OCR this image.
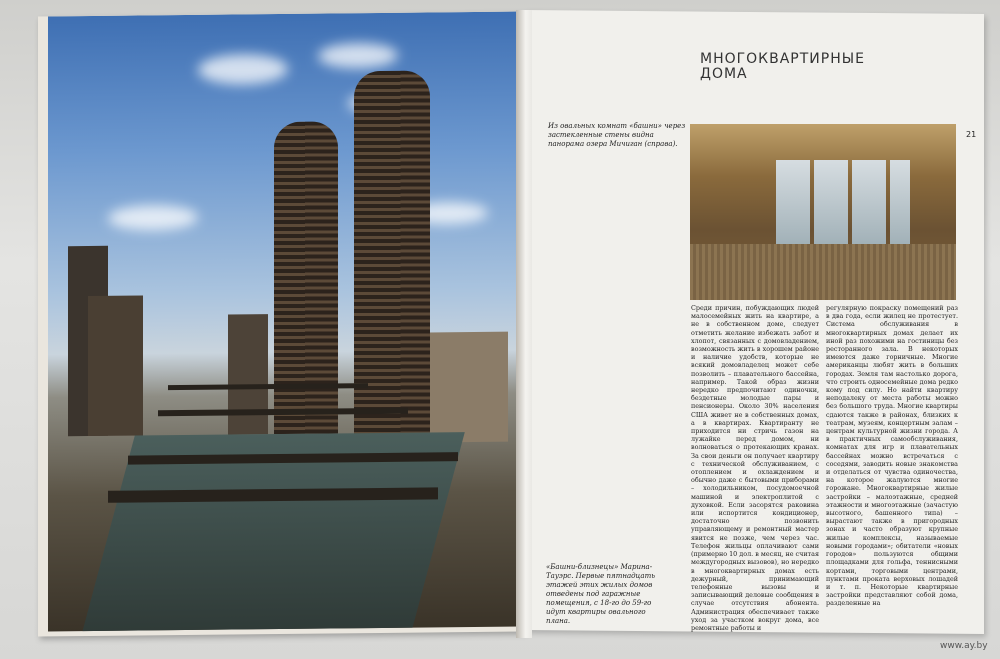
МНОГОКВАРТИРНЫЕ ДОМА
Из овальных комнат «башни» через застекленные стены видна панорама озера Мичиган (справа).
21
Среди причин, побуждающих людей малосемейных жить на квартире, а не в собственном доме, следует отметить желание избежать забот и хлопот, связанных с домовладением, возможность жить в хорошем районе и наличие удобств, которые не всякий домовладелец может себе позволить – плавательного бассейна, например. Такой образ жизни нередко предпочитают одиночки, бездетные молодые пары и пенсионеры. Около 30% населения США живет не в собственных домах, а в квартирах. Квартиранту не приходится ни стричь газон на лужайке перед домом, ни волноваться о протекающих кранах. За свои деньги он получает квартиру с технической обслуживанием, с отоплением и охлаждением и обычно даже с бытовыми приборами – холодильником, посудомоечной машиной и электроплитой с духовкой. Если засорятся раковина или испортится кондиционер, достаточно позвонить управляющему и ремонтный мастер явится не позже, чем через час. Телефон жильцы оплачивают сами (примерно 10 дол. в месяц, не считая междугородных вызовов), но нередко в многоквартирных домах есть дежурный, принимающий телефонные вызовы и записывающий деловые сообщения в случае отсутствия абонента. Администрация обеспечивает также уход за участком вокруг дома, все ремонтные работы и
регулярную покраску помещений раз в два года, если жилец не протестует. Система обслуживания в многоквартирных домах делает их иной раз похожими на гостиницы без ресторанного зала. В некоторых имеются даже горничные. Многие американцы любят жить в больших городах. Земля там настолько дорога, что строить односемейные дома редко кому под силу. Но найти квартиру неподалеку от места работы можно без большого труда. Многие квартиры сдаются также в районах, близких к театрам, музеям, концертным залам – центрам культурной жизни города. А в практичных самообслуживания, комнатах для игр и плавательных бассейнах можно встречаться с соседями, заводить новые знакомства и отделаться от чувства одиночества, на которое жалуются многие горожане. Многоквартирные жилые застройки – малоэтажные, средней этажности и многоэтажные (зачастую высотного, башенного типа) – вырастают также в пригородных зонах и часто образуют крупные жилые комплексы, называемые новыми городами»; обитатели «новых городов» пользуются общими площадками для гольфа, теннисными кортами, торговыми центрами, пунктами проката верховых лошадей и т. п. Некоторые квартирные застройки представляют собой дома, разделенные на
«Башни-близнецы» Марина-Тауэрс. Первые пятнадцать этажей этих жилых домов отведены под гаражные помещения, с 18-го до 59-го идут квартиры овального плана.
www.ay.by
